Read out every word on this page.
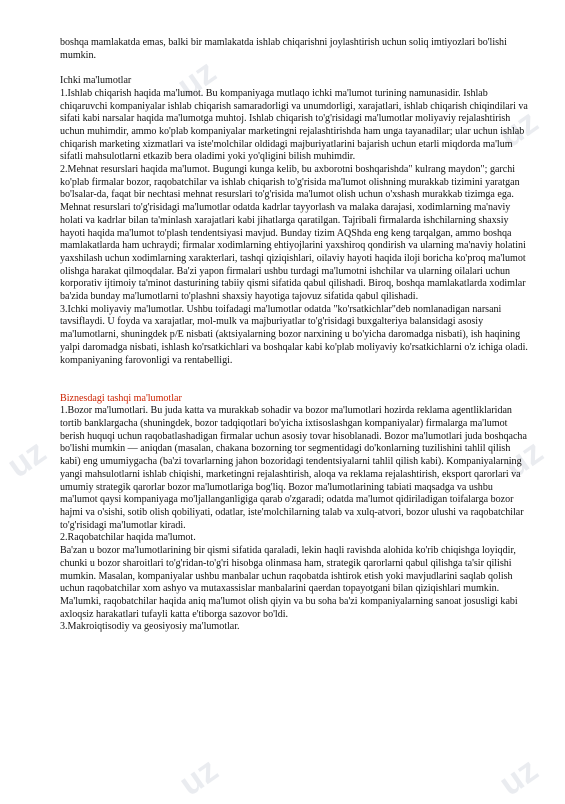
uz
uz
uz	uz
uz	uz

boshqa mamlakatda emas, balki bir mamlakatda ishlab chiqarishni joylashtirish uchun soliq imtiyozlari bo'lishi mumkin.

Ichki ma'lumotlar

1.Ishlab chiqarish haqida ma'lumot. Bu kompaniyaga mutlaqo ichki ma'lumot turining namunasidir. Ishlab chiqaruvchi kompaniyalar ishlab chiqarish samaradorligi va unumdorligi, xarajatlari, ishlab chiqarish chiqindilari va sifati kabi narsalar haqida ma'lumotga muhtoj. Ishlab chiqarish to'g'risidagi ma'lumotlar moliyaviy rejalashtirish uchun muhimdir, ammo ko'plab kompaniyalar marketingni rejalashtirishda ham unga tayanadilar; ular uchun ishlab chiqarish marketing xizmatlari va iste'molchilar oldidagi majburiyatlarini bajarish uchun etarli miqdorda ma'lum sifatli mahsulotlarni etkazib bera oladimi yoki yo'qligini bilish muhimdir.

2.Mehnat resurslari haqida ma'lumot. Bugungi kunga kelib, bu axborotni boshqarishda" kulrang maydon"; garchi ko'plab firmalar bozor, raqobatchilar va ishlab chiqarish to'g'risida ma'lumot olishning murakkab tizimini yaratgan bo'lsalar-da, faqat bir nechtasi mehnat resurslari to'g'risida ma'lumot olish uchun o'xshash murakkab tizimga ega. Mehnat resurslari to'g'risidagi ma'lumotlar odatda kadrlar tayyorlash va malaka darajasi, xodimlarning ma'naviy holati va kadrlar bilan ta'minlash xarajatlari kabi jihatlarga qaratilgan. Tajribali firmalarda ishchilarning shaxsiy hayoti haqida ma'lumot to'plash tendentsiyasi mavjud. Bunday tizim AQShda eng keng tarqalgan, ammo boshqa mamlakatlarda ham uchraydi; firmalar xodimlarning ehtiyojlarini yaxshiroq qondirish va ularning ma'naviy holatini yaxshilash uchun xodimlarning xarakterlari, tashqi qiziqishlari, oilaviy hayoti haqida iloji boricha ko'proq ma'lumot olishga harakat qilmoqdalar. Ba'zi yapon firmalari ushbu turdagi ma'lumotni ishchilar va ularning oilalari uchun korporativ ijtimoiy ta'minot dasturining tabiiy qismi sifatida qabul qilishadi. Biroq, boshqa mamlakatlarda xodimlar ba'zida bunday ma'lumotlarni to'plashni shaxsiy hayotiga tajovuz sifatida qabul qilishadi.

3.Ichki moliyaviy ma'lumotlar. Ushbu toifadagi ma'lumotlar odatda "ko'rsatkichlar"deb nomlanadigan narsani tavsiflaydi. U foyda va xarajatlar, mol-mulk va majburiyatlar to'g'risidagi buxgalteriya balansidagi asosiy ma'lumotlarni, shuningdek p/E nisbati (aktsiyalarning bozor narxining u bo'yicha daromadga nisbati), ish haqining yalpi daromadga nisbati, ishlash ko'rsatkichlari va boshqalar kabi ko'plab moliyaviy ko'rsatkichlarni o'z ichiga oladi. kompaniyaning farovonligi va rentabelligi.

Biznesdagi tashqi ma'lumotlar

1.Bozor ma'lumotlari. Bu juda katta va murakkab sohadir va bozor ma'lumotlari hozirda reklama agentliklaridan tortib banklargacha (shuningdek, bozor tadqiqotlari bo'yicha ixtisoslashgan kompaniyalar) firmalarga ma'lumot berish huquqi uchun raqobatlashadigan firmalar uchun asosiy tovar hisoblanadi. Bozor ma'lumotlari juda boshqacha bo'lishi mumkin — aniqdan (masalan, chakana bozorning tor segmentidagi do'konlarning tuzilishini tahlil qilish kabi) eng umumiygacha (ba'zi tovarlarning jahon bozoridagi tendentsiyalarni tahlil qilish kabi). Kompaniyalarning yangi mahsulotlarni ishlab chiqishi, marketingni rejalashtirish, aloqa va reklama rejalashtirish, eksport qarorlari va umumiy strategik qarorlar bozor ma'lumotlariga bog'liq. Bozor ma'lumotlarining tabiati maqsadga va ushbu ma'lumot qaysi kompaniyaga mo'ljallanganligiga qarab o'zgaradi; odatda ma'lumot qidiriladigan toifalarga bozor hajmi va o'sishi, sotib olish qobiliyati, odatlar, iste'molchilarning talab va xulq-atvori, bozor ulushi va raqobatchilar to'g'risidagi ma'lumotlar kiradi.

2.Raqobatchilar haqida ma'lumot.

Ba'zan u bozor ma'lumotlarining bir qismi sifatida qaraladi, lekin haqli ravishda alohida ko'rib chiqishga loyiqdir, chunki u bozor sharoitlari to'g'ridan-to'g'ri hisobga olinmasa ham, strategik qarorlarni qabul qilishga ta'sir qilishi mumkin. Masalan, kompaniyalar ushbu manbalar uchun raqobatda ishtirok etish yoki mavjudlarini saqlab qolish uchun raqobatchilar xom ashyo va mutaxassislar manbalarini qaerdan topayotgani bilan qiziqishlari mumkin. Ma'lumki, raqobatchilar haqida aniq ma'lumot olish qiyin va bu soha ba'zi kompaniyalarning sanoat josusligi kabi axloqsiz harakatlari tufayli katta e'tiborga sazovor bo'ldi.

3.Makroiqtisodiy va geosiyosiy ma'lumotlar.
